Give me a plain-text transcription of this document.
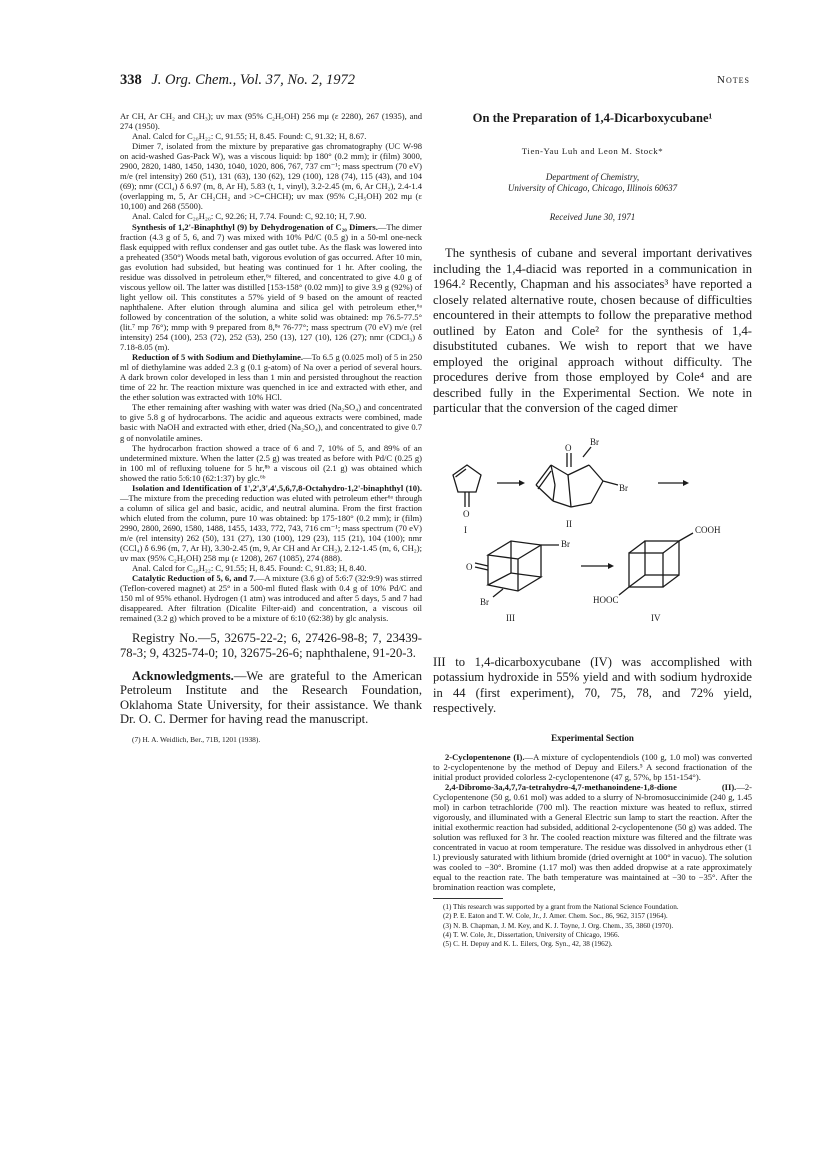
338 J. Org. Chem., Vol. 37, No. 2, 1972	Notes

Ar CH, Ar CH₂ and CH₃); uv max (95% C₂H₅OH) 256 mμ (ε 2280), 267 (1935), and 274 (1950).

Anal. Calcd for C₂₀H₂₂: C, 91.55; H, 8.45. Found: C, 91.32; H, 8.67.

Dimer 7, isolated from the mixture by preparative gas chromatography (UC W-98 on acid-washed Gas-Pack W), was a viscous liquid: bp 180° (0.2 mm); ir (film) 3000, 2900, 2820, 1480, 1450, 1430, 1040, 1020, 806, 767, 737 cm⁻¹; mass spectrum (70 eV) m/e (rel intensity) 260 (51), 131 (63), 130 (62), 129 (100), 128 (74), 115 (43), and 104 (69); nmr (CCl₄) δ 6.97 (m, 8, Ar H), 5.83 (t, 1, vinyl), 3.2-2.45 (m, 6, Ar CH₂), 2.4-1.4 (overlapping m, 5, Ar CH₂CH₂ and >C=CHCH); uv max (95% C₂H₅OH) 202 mμ (ε 10,100) and 268 (5500).

Anal. Calcd for C₂₀H₂₀: C, 92.26; H, 7.74. Found: C, 92.10; H, 7.90.

Synthesis of 1,2'-Binaphthyl (9) by Dehydrogenation of C₂₀ Dimers.—The dimer fraction (4.3 g of 5, 6, and 7) was mixed with 10% Pd/C (0.5 g) in a 50-ml one-neck flask equipped with reflux condenser and gas outlet tube. As the flask was lowered into a preheated (350°) Woods metal bath, vigorous evolution of gas occurred. After 10 min, gas evolution had subsided, but heating was continued for 1 hr. After cooling, the residue was dissolved in petroleum ether,⁶ᵃ filtered, and concentrated to give 4.0 g of viscous yellow oil. The latter was distilled [153-158° (0.02 mm)] to give 3.9 g (92%) of light yellow oil. This constitutes a 57% yield of 9 based on the amount of reacted naphthalene. After elution through alumina and silica gel with petroleum ether,⁶ᵃ followed by concentration of the solution, a white solid was obtained: mp 76.5-77.5° (lit.⁷ mp 76°); mmp with 9 prepared from 8,⁸ᵃ 76-77°; mass spectrum (70 eV) m/e (rel intensity) 254 (100), 253 (72), 252 (53), 250 (13), 127 (10), 126 (27); nmr (CDCl₃) δ 7.18-8.05 (m).

Reduction of 5 with Sodium and Diethylamine.—To 6.5 g (0.025 mol) of 5 in 250 ml of diethylamine was added 2.3 g (0.1 g-atom) of Na over a period of several hours. A dark brown color developed in less than 1 min and persisted throughout the reaction time of 22 hr. The reaction mixture was quenched in ice and extracted with ether, and the ether solution was extracted with 10% HCl.

The ether remaining after washing with water was dried (Na₂SO₄) and concentrated to give 5.8 g of hydrocarbons. The acidic and aqueous extracts were combined, made basic with NaOH and extracted with ether, dried (Na₂SO₄), and concentrated to give 0.7 g of nonvolatile amines.

The hydrocarbon fraction showed a trace of 6 and 7, 10% of 5, and 89% of an undetermined mixture. When the latter (2.5 g) was treated as before with Pd/C (0.25 g) in 100 ml of refluxing toluene for 5 hr,⁸ᵇ a viscous oil (2.1 g) was obtained which showed the ratio 5:6:10 (62:1:37) by glc.⁶ᵇ

Isolation and Identification of 1',2',3',4',5,6,7,8-Octahydro-1,2'-binaphthyl (10).—The mixture from the preceding reduction was eluted with petroleum ether⁶ᵃ through a column of silica gel and basic, acidic, and neutral alumina. From the first fraction which eluted from the column, pure 10 was obtained: bp 175-180° (0.2 mm); ir (film) 2990, 2800, 2690, 1580, 1488, 1455, 1433, 772, 743, 716 cm⁻¹; mass spectrum (70 eV) m/e (rel intensity) 262 (50), 131 (27), 130 (100), 129 (23), 115 (21), 104 (100); nmr (CCl₄) δ 6.96 (m, 7, Ar H), 3.30-2.45 (m, 9, Ar CH and Ar CH₂), 2.12-1.45 (m, 6, CH₂); uv max (95% C₂H₅OH) 258 mμ (ε 1208), 267 (1085), 274 (888).

Anal. Calcd for C₂₀H₂₂: C, 91.55; H, 8.45. Found: C, 91.83; H, 8.40.

Catalytic Reduction of 5, 6, and 7.—A mixture (3.6 g) of 5:6:7 (32:9:9) was stirred (Teflon-covered magnet) at 25° in a 500-ml fluted flask with 0.4 g of 10% Pd/C and 150 ml of 95% ethanol. Hydrogen (1 atm) was introduced and after 5 days, 5 and 7 had disappeared. After filtration (Dicalite Filter-aid) and concentration, a viscous oil remained (3.2 g) which proved to be a mixture of 6:10 (62:38) by glc analysis.

Registry No.—5, 32675-22-2; 6, 27426-98-8; 7, 23439-78-3; 9, 4325-74-0; 10, 32675-26-6; naphthalene, 91-20-3.

Acknowledgments.—We are grateful to the American Petroleum Institute and the Research Foundation, Oklahoma State University, for their assistance. We thank Dr. O. C. Dermer for having read the manuscript.

(7) H. A. Weidlich, Ber., 71B, 1201 (1938).

On the Preparation of 1,4-Dicarboxycubane¹

Tien-Yau Luh and Leon M. Stock*

Department of Chemistry,
University of Chicago, Chicago, Illinois 60637

Received June 30, 1971

The synthesis of cubane and several important derivatives including the 1,4-diacid was reported in a communication in 1964.² Recently, Chapman and his associates³ have reported a closely related alternative route, chosen because of difficulties encountered in their attempts to follow the preparative method outlined by Eaton and Cole² for the synthesis of 1,4-disubstituted cubanes. We wish to report that we have employed the original approach without difficulty. The procedures derive from those employed by Cole⁴ and are described fully in the Experimental Section. We note in particular that the conversion of the caged dimer

O
I
O
Br
Br
II
O
Br
Br
III
COOH
HOOC
IV

III to 1,4-dicarboxycubane (IV) was accomplished with potassium hydroxide in 55% yield and with sodium hydroxide in 44 (first experiment), 70, 75, 78, and 72% yield, respectively.

Experimental Section

2-Cyclopentenone (I).—A mixture of cyclopentendiols (100 g, 1.0 mol) was converted to 2-cyclopentenone by the method of Depuy and Eilers.⁵ A second fractionation of the initial product provided colorless 2-cyclopentenone (47 g, 57%, bp 151-154°).

2,4-Dibromo-3a,4,7,7a-tetrahydro-4,7-methanoindene-1,8-dione (II).—2-Cyclopentenone (50 g, 0.61 mol) was added to a slurry of N-bromosuccinimide (240 g, 1.45 mol) in carbon tetrachloride (700 ml). The reaction mixture was heated to reflux, stirred vigorously, and illuminated with a General Electric sun lamp to start the reaction. After the initial exothermic reaction had subsided, additional 2-cyclopentenone (50 g) was added. The solution was refluxed for 3 hr. The cooled reaction mixture was filtered and the filtrate was concentrated in vacuo at room temperature. The residue was dissolved in anhydrous ether (1 l.) previously saturated with lithium bromide (dried overnight at 100° in vacuo). The solution was cooled to −30°. Bromine (1.17 mol) was then added dropwise at a rate approximately equal to the reaction rate. The bath temperature was maintained at −30 to −35°. After the bromination reaction was complete,

(1) This research was supported by a grant from the National Science Foundation.
(2) P. E. Eaton and T. W. Cole, Jr., J. Amer. Chem. Soc., 86, 962, 3157 (1964).
(3) N. B. Chapman, J. M. Key, and K. J. Toyne, J. Org. Chem., 35, 3860 (1970).
(4) T. W. Cole, Jr., Dissertation, University of Chicago, 1966.
(5) C. H. Depuy and K. L. Eilers, Org. Syn., 42, 38 (1962).
